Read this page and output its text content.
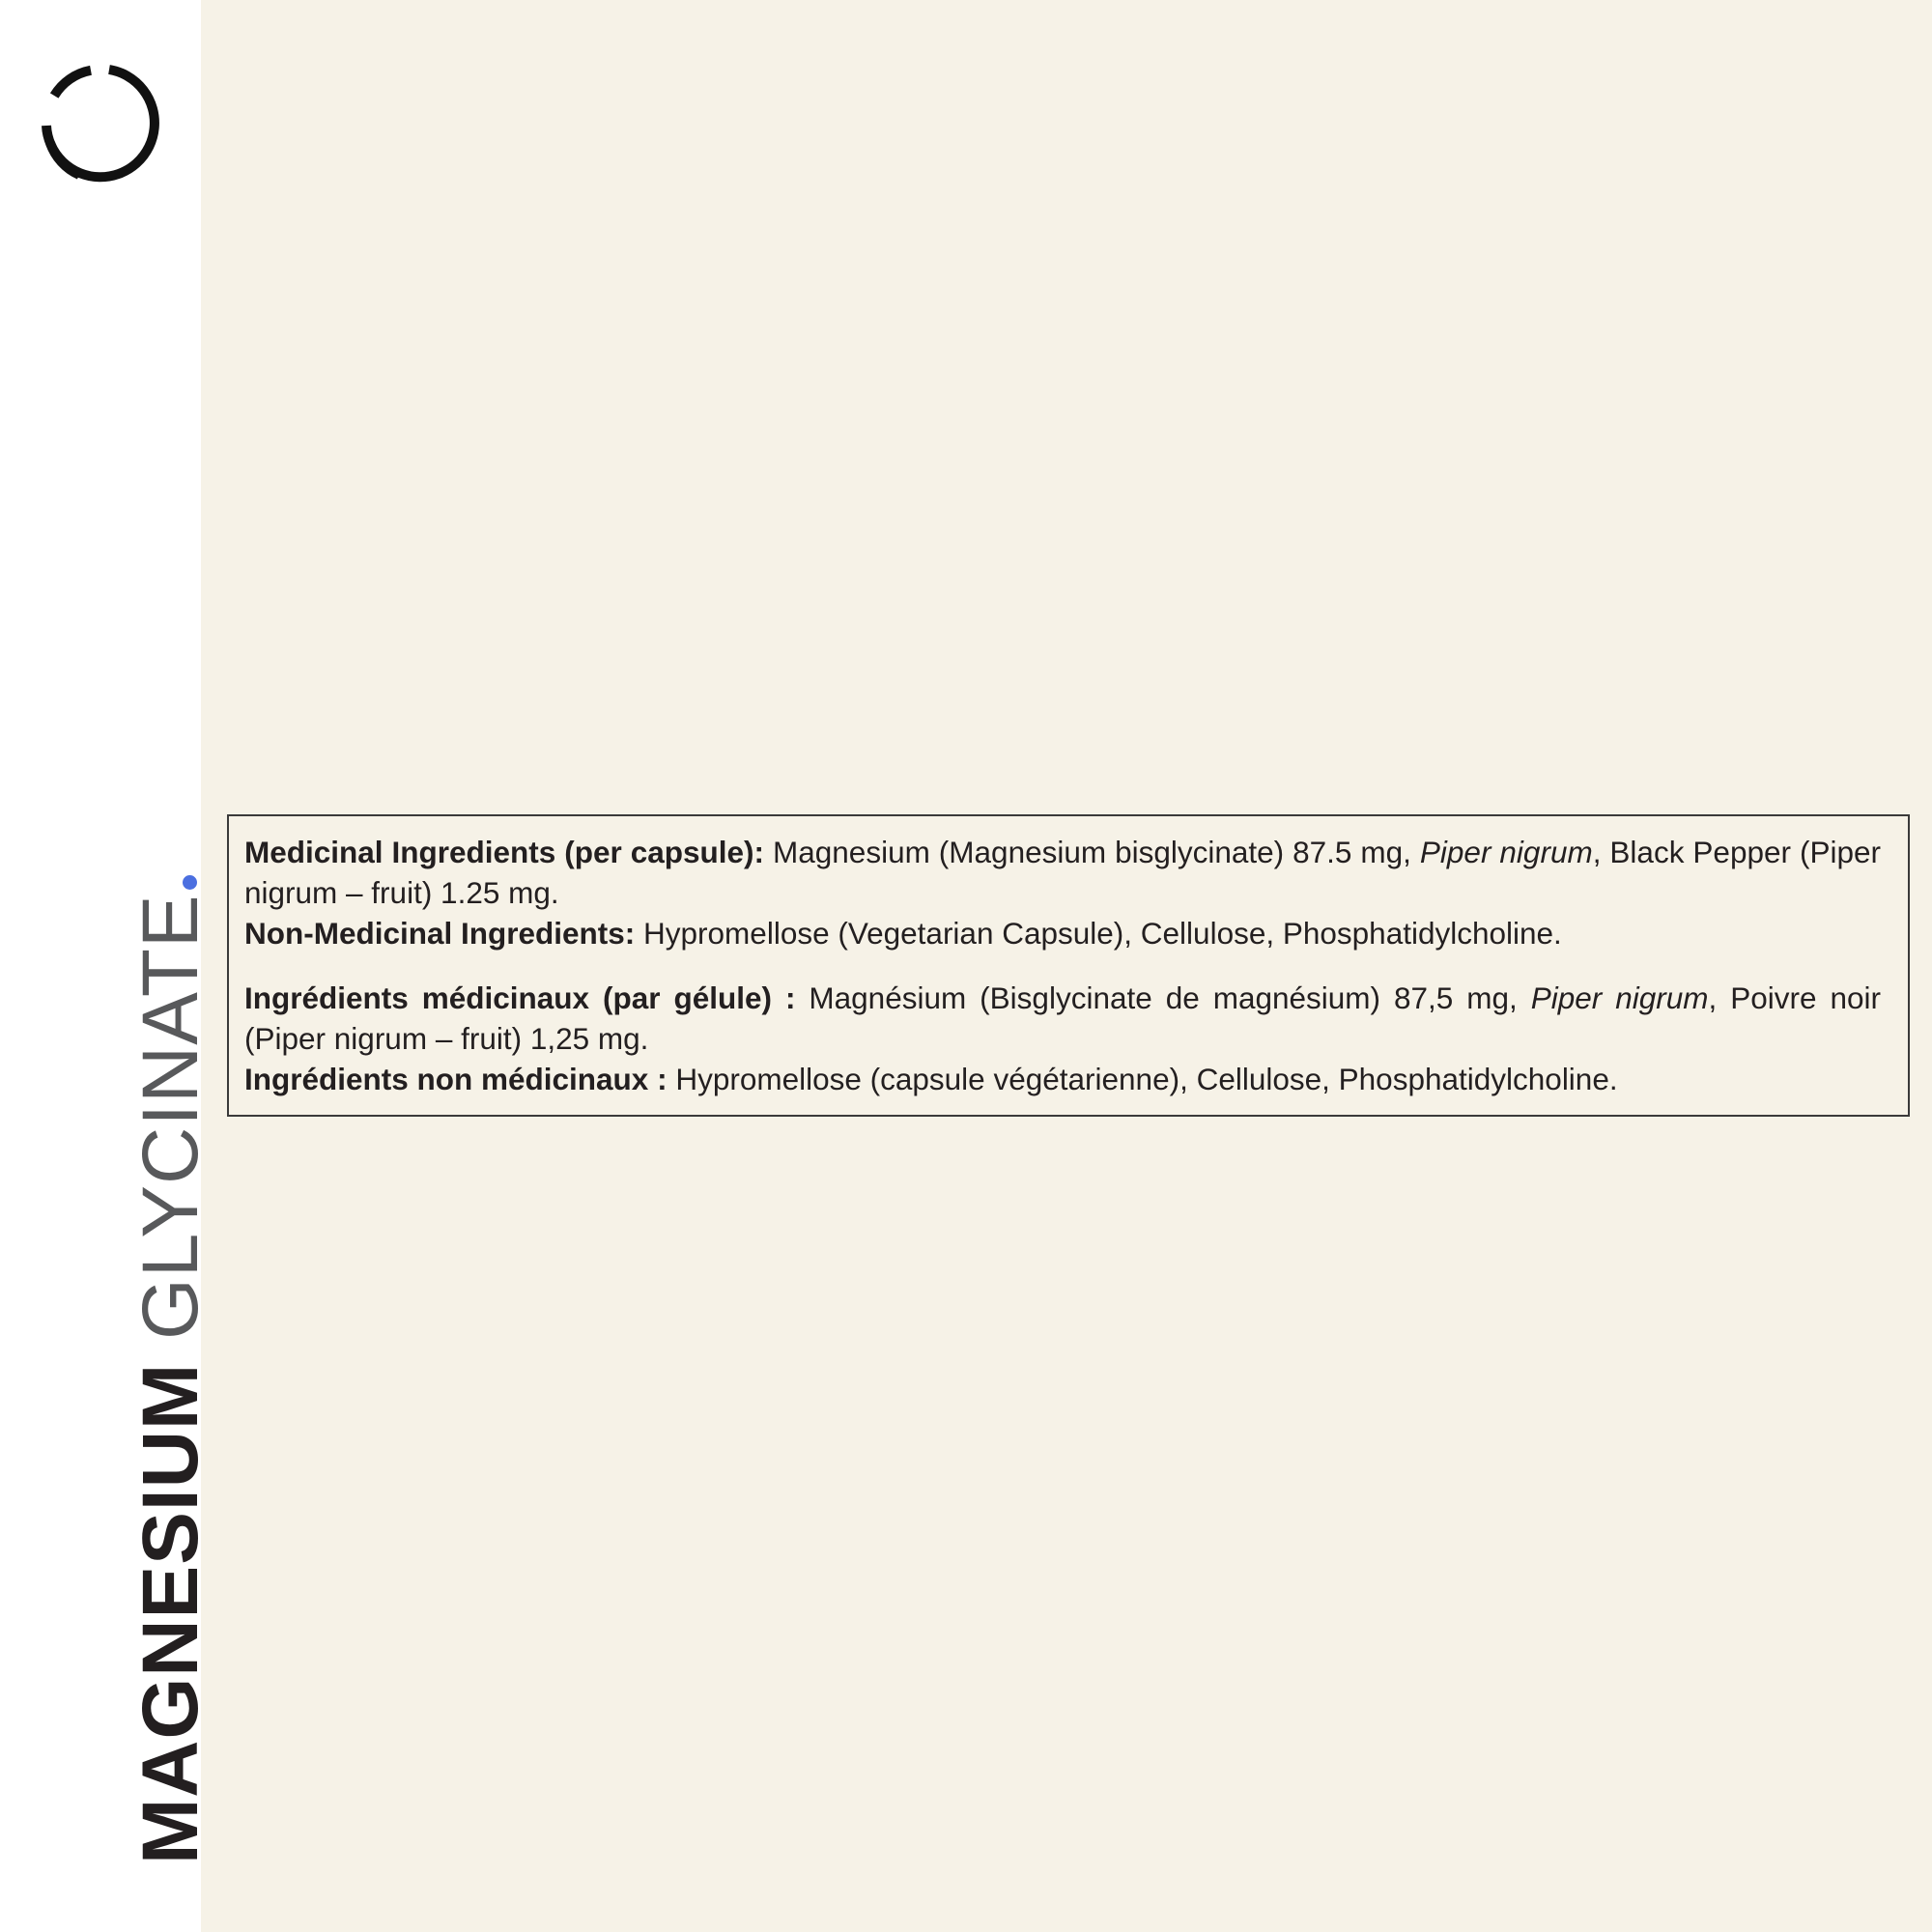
MAGNESIUM GLYCINATE

Medicinal Ingredients (per capsule): Magnesium (Magnesium bisglycinate) 87.5 mg, Piper nigrum, Black Pepper (Piper nigrum – fruit) 1.25 mg.

Non-Medicinal Ingredients: Hypromellose (Vegetarian Capsule), Cellulose, Phosphatidylcholine.

Ingrédients médicinaux (par gélule) : Magnésium (Bisglycinate de magnésium) 87,5 mg, Piper nigrum, Poivre noir (Piper nigrum – fruit) 1,25 mg.

Ingrédients non médicinaux : Hypromellose (capsule végétarienne), Cellulose, Phosphatidylcholine.
